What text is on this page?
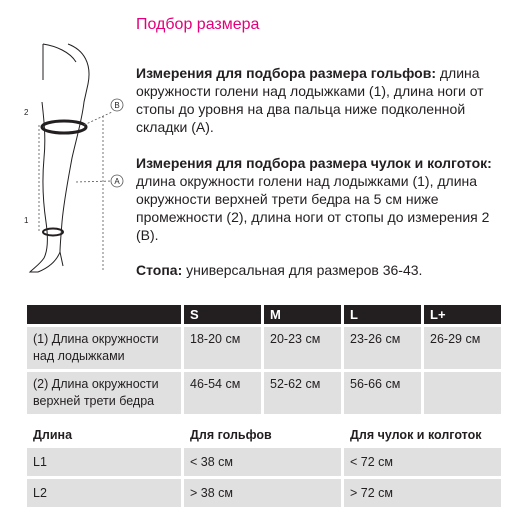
Подбор размера
B
A
2
1
Измерения для подбора размера гольфов: длина окружности голени над лодыжками (1), длина ноги от стопы до уровня на два пальца ниже подколенной складки (А).
Измерения для подбора размера чулок и колготок: длина окружности голени над лодыжками (1), длина окружности верхней трети бедра на 5 см ниже промежности (2), длина ноги от стопы до измерения 2 (В).
Стопа: универсальная для размеров 36-43.
	S	M	L	L+
(1) Длина окружности над лодыжками	18-20 см	20-23 см	23-26 см	26-29 см
(2) Длина окружности верхней трети бедра	46-54 см	52-62 см	56-66 см	
Длина	Для гольфов	Для чулок и колготок
L1	< 38 см	< 72 см
L2	> 38 см	> 72 см
